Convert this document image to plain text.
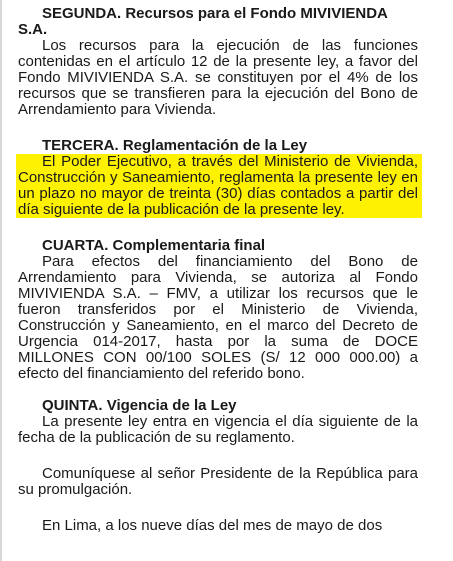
SEGUNDA. Recursos para el Fondo MIVIVIENDA S.A.

Los recursos para la ejecución de las funciones contenidas en el artículo 12 de la presente ley, a favor del Fondo MIVIVIENDA S.A. se constituyen por el 4% de los recursos que se transfieren para la ejecución del Bono de Arrendamiento para Vivienda.

TERCERA. Reglamentación de la Ley

El Poder Ejecutivo, a través del Ministerio de Vivienda, Construcción y Saneamiento, reglamenta la presente ley en un plazo no mayor de treinta (30) días contados a partir del día siguiente de la publicación de la presente ley.

CUARTA. Complementaria final

Para efectos del financiamiento del Bono de Arrendamiento para Vivienda, se autoriza al Fondo MIVIVIENDA S.A. – FMV, a utilizar los recursos que le fueron transferidos por el Ministerio de Vivienda, Construcción y Saneamiento, en el marco del Decreto de Urgencia 014-2017, hasta por la suma de DOCE MILLONES CON 00/100 SOLES (S/ 12 000 000.00) a efecto del financiamiento del referido bono.

QUINTA. Vigencia de la Ley

La presente ley entra en vigencia el día siguiente de la fecha de la publicación de su reglamento.

Comuníquese al señor Presidente de la República para su promulgación.

En Lima, a los nueve días del mes de mayo de dos
